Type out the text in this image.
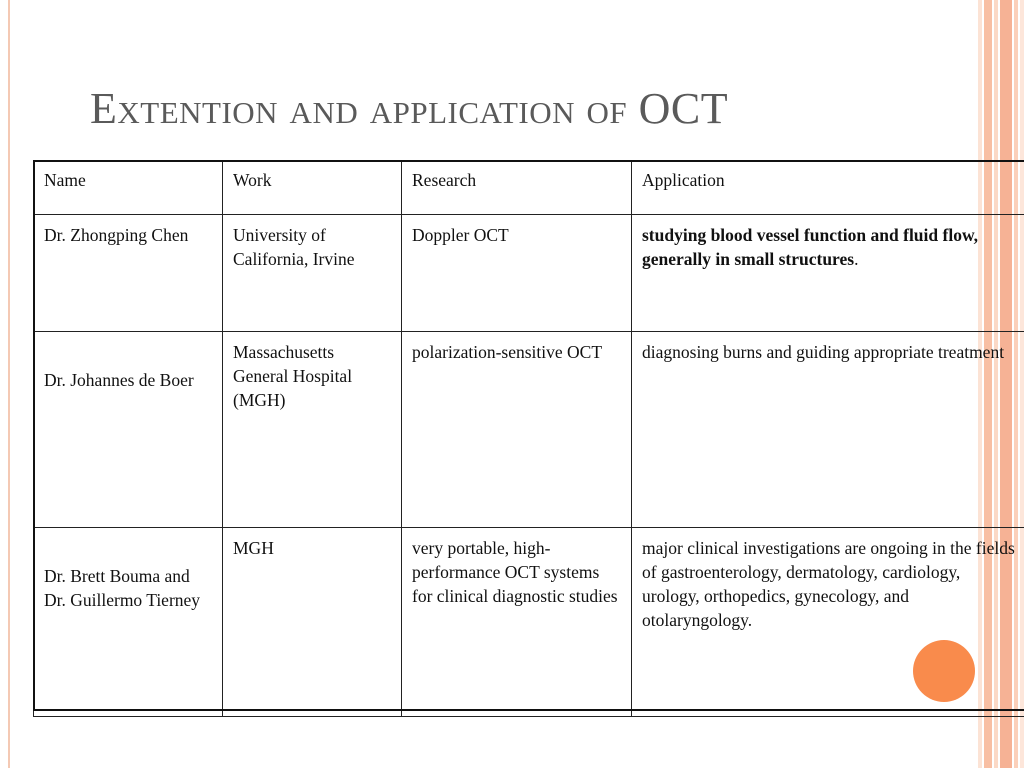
Extention and application of OCT
Name	Work	Research	Application
Dr. Zhongping Chen	University of California, Irvine	Doppler OCT	studying blood vessel function and fluid flow, generally in small structures.

Dr. Johannes de Boer	Massachusetts General Hospital (MGH)	polarization-sensitive OCT	diagnosing burns and guiding appropriate treatment

Dr. Brett Bouma and Dr. Guillermo Tierney	MGH	very portable, high-performance OCT systems for clinical diagnostic studies	major clinical investigations are ongoing in the fields of gastroenterology, dermatology, cardiology, urology, orthopedics, gynecology, and otolaryngology.
